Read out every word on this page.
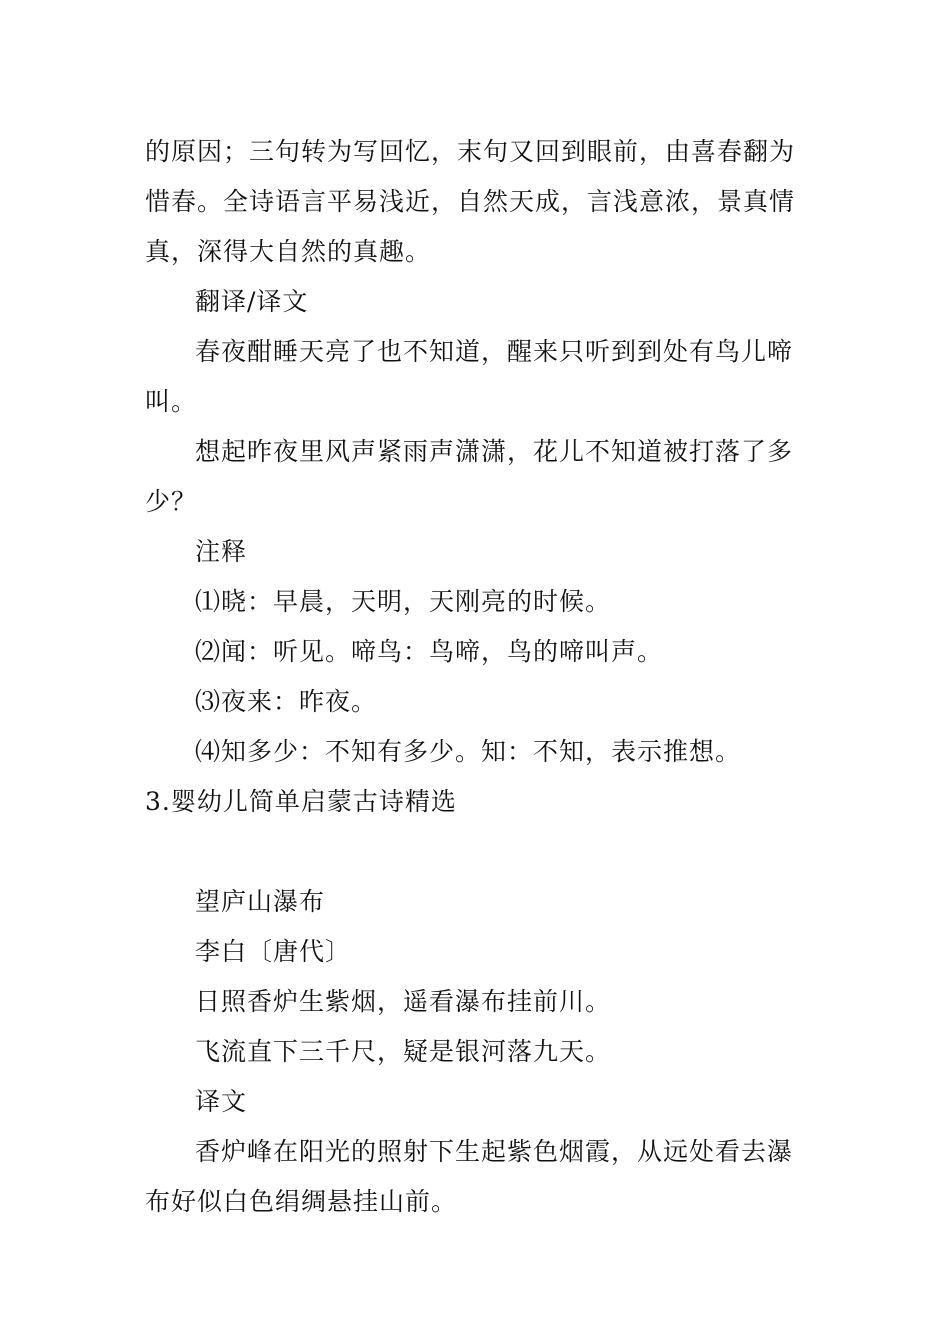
的原因；三句转为写回忆，末句又回到眼前，由喜春翻为
惜春。全诗语言平易浅近，自然天成，言浅意浓，景真情
真，深得大自然的真趣。
翻译/译文
春夜酣睡天亮了也不知道，醒来只听到到处有鸟儿啼
叫。
想起昨夜里风声紧雨声潇潇，花儿不知道被打落了多
少？
注释
⑴晓：早晨，天明，天刚亮的时候。
⑵闻：听见。啼鸟：鸟啼，鸟的啼叫声。
⑶夜来：昨夜。
⑷知多少：不知有多少。知：不知，表示推想。
3.婴幼儿简单启蒙古诗精选
望庐山瀑布
李白〔唐代〕
日照香炉生紫烟，遥看瀑布挂前川。
飞流直下三千尺，疑是银河落九天。
译文
香炉峰在阳光的照射下生起紫色烟霞，从远处看去瀑
布好似白色绢绸悬挂山前。
